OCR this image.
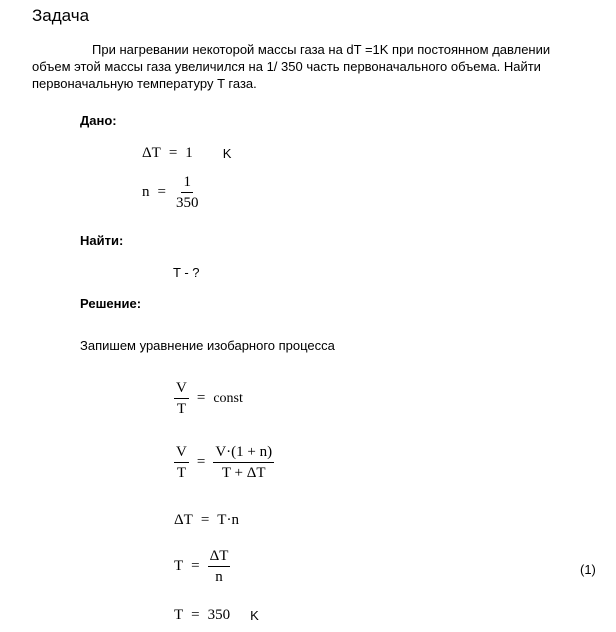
Задача
При нагревании некоторой массы газа на dT =1K при постоянном давлении
объем этой массы газа увеличился на 1/ 350 часть первоначального объема. Найти
первоначальную температуру T газа.
Дано:
ΔT = 1 K
$n = \frac{1}{350}$
Найти:
T - ?
Решение:
Запишем уравнение изобарного процесса
$\frac{V}{T}$ = const
$\frac{V}{T} = \frac{V\cdot(1 + n)}{T + \Delta T}$
ΔT = T·n
$T = \frac{\Delta T}{n}$	(1)
T = 350 K
